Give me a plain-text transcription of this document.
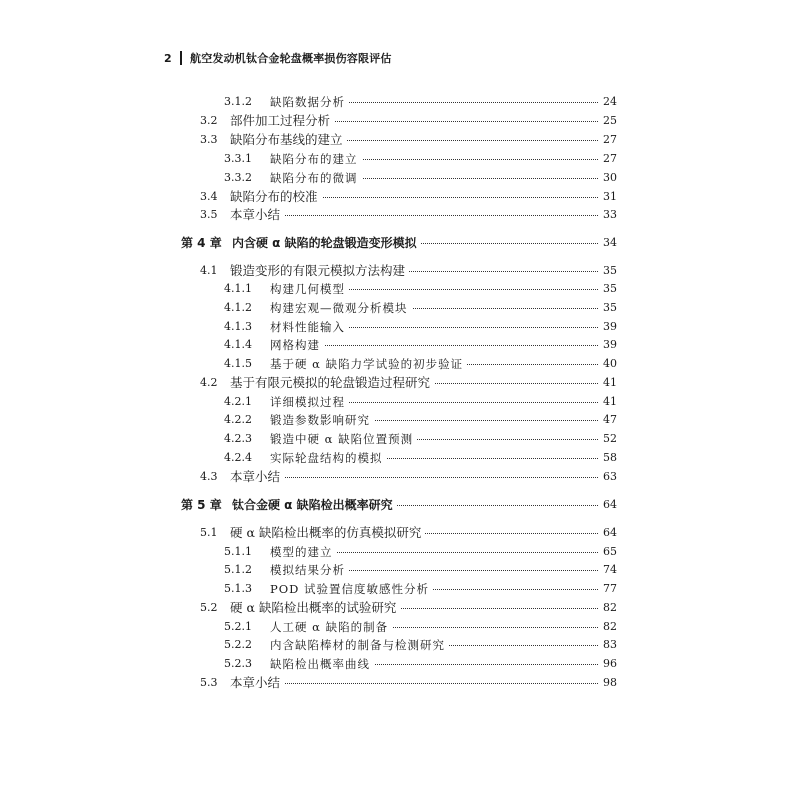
2	航空发动机钛合金轮盘概率损伤容限评估
3.1.2	缺陷数据分析	24
3.2	部件加工过程分析	25
3.3	缺陷分布基线的建立	27
3.3.1	缺陷分布的建立	27
3.3.2	缺陷分布的微调	30
3.4	缺陷分布的校准	31
3.5	本章小结	33
第 4 章 内含硬 α 缺陷的轮盘锻造变形模拟	34
4.1	锻造变形的有限元模拟方法构建	35
4.1.1	构建几何模型	35
4.1.2	构建宏观—微观分析模块	35
4.1.3	材料性能输入	39
4.1.4	网格构建	39
4.1.5	基于硬 α 缺陷力学试验的初步验证	40
4.2	基于有限元模拟的轮盘锻造过程研究	41
4.2.1	详细模拟过程	41
4.2.2	锻造参数影响研究	47
4.2.3	锻造中硬 α 缺陷位置预测	52
4.2.4	实际轮盘结构的模拟	58
4.3	本章小结	63
第 5 章 钛合金硬 α 缺陷检出概率研究	64
5.1	硬 α 缺陷检出概率的仿真模拟研究	64
5.1.1	模型的建立	65
5.1.2	模拟结果分析	74
5.1.3	POD 试验置信度敏感性分析	77
5.2	硬 α 缺陷检出概率的试验研究	82
5.2.1	人工硬 α 缺陷的制备	82
5.2.2	内含缺陷棒材的制备与检测研究	83
5.2.3	缺陷检出概率曲线	96
5.3	本章小结	98
